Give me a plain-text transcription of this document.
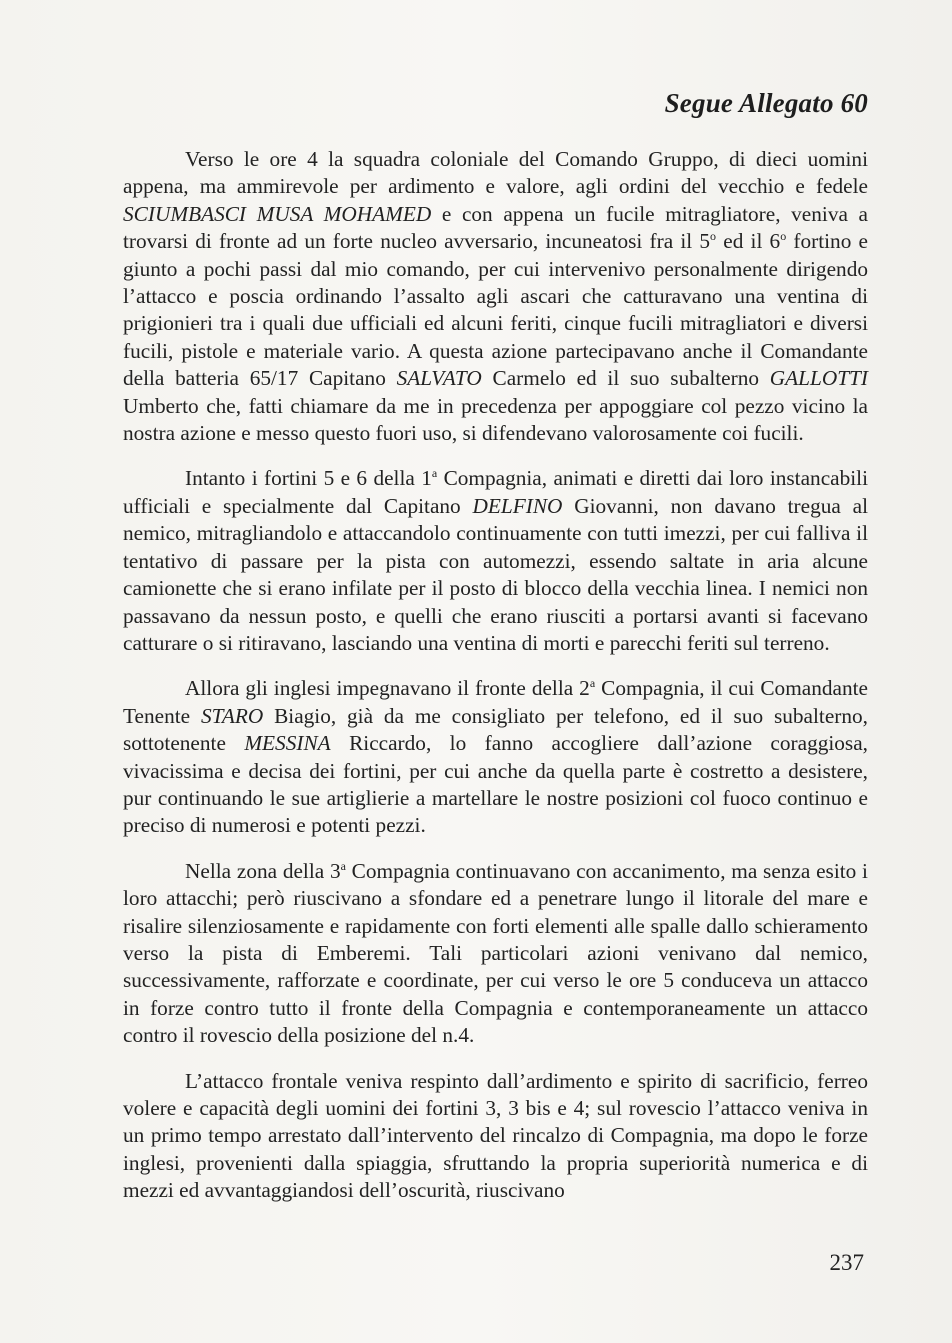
Segue Allegato 60

Verso le ore 4 la squadra coloniale del Comando Gruppo, di dieci uomini appena, ma ammirevole per ardimento e valore, agli ordini del vecchio e fedele SCIUMBASCI MUSA MOHAMED e con appena un fucile mitragliatore, veniva a trovarsi di fronte ad un forte nucleo avversario, incuneatosi fra il 5$^o$ ed il 6$^o$ fortino e giunto a pochi passi dal mio comando, per cui intervenivo personalmente dirigendo l’attacco e poscia ordinando l’assalto agli ascari che catturavano una ventina di prigionieri tra i quali due ufficiali ed alcuni feriti, cinque fucili mitragliatori e diversi fucili, pistole e materiale vario. A questa azione partecipavano anche il Comandante della batteria 65/17 Capitano SALVATO Carmelo ed il suo subalterno GALLOTTI Umberto che, fatti chiamare da me in precedenza per appoggiare col pezzo vicino la nostra azione e messo questo fuori uso, si difendevano valorosamente coi fucili.

Intanto i fortini 5 e 6 della 1$^a$ Compagnia, animati e diretti dai loro instancabili ufficiali e specialmente dal Capitano DELFINO Giovanni, non davano tregua al nemico, mitragliandolo e attaccandolo continuamente con tutti imezzi, per cui falliva il tentativo di passare per la pista con automezzi, essendo saltate in aria alcune camionette che si erano infilate per il posto di blocco della vecchia linea. I nemici non passavano da nessun posto, e quelli che erano riusciti a portarsi avanti si facevano catturare o si ritiravano, lasciando una ventina di morti e parecchi feriti sul terreno.

Allora gli inglesi impegnavano il fronte della 2$^a$ Compagnia, il cui Comandante Tenente STARO Biagio, già da me consigliato per telefono, ed il suo subalterno, sottotenente MESSINA Riccardo, lo fanno accogliere dall’azione coraggiosa, vivacissima e decisa dei fortini, per cui anche da quella parte è costretto a desistere, pur continuando le sue artiglierie a martellare le nostre posizioni col fuoco continuo e preciso di numerosi e potenti pezzi.

Nella zona della 3$^a$ Compagnia continuavano con accanimento, ma senza esito i loro attacchi; però riuscivano a sfondare ed a penetrare lungo il litorale del mare e risalire silenziosamente e rapidamente con forti elementi alle spalle dallo schieramento verso la pista di Emberemi. Tali particolari azioni venivano dal nemico, successivamente, rafforzate e coordinate, per cui verso le ore 5 conduceva un attacco in forze contro tutto il fronte della Compagnia e contemporaneamente un attacco contro il rovescio della posizione del n.4.

L’attacco frontale veniva respinto dall’ardimento e spirito di sacrificio, ferreo volere e capacità degli uomini dei fortini 3, 3 bis e 4; sul rovescio l’attacco veniva in un primo tempo arrestato dall’intervento del rincalzo di Compagnia, ma dopo le forze inglesi, provenienti dalla spiaggia, sfruttando la propria superiorità numerica e di mezzi ed avvantaggiandosi dell’oscurità, riuscivano

237
